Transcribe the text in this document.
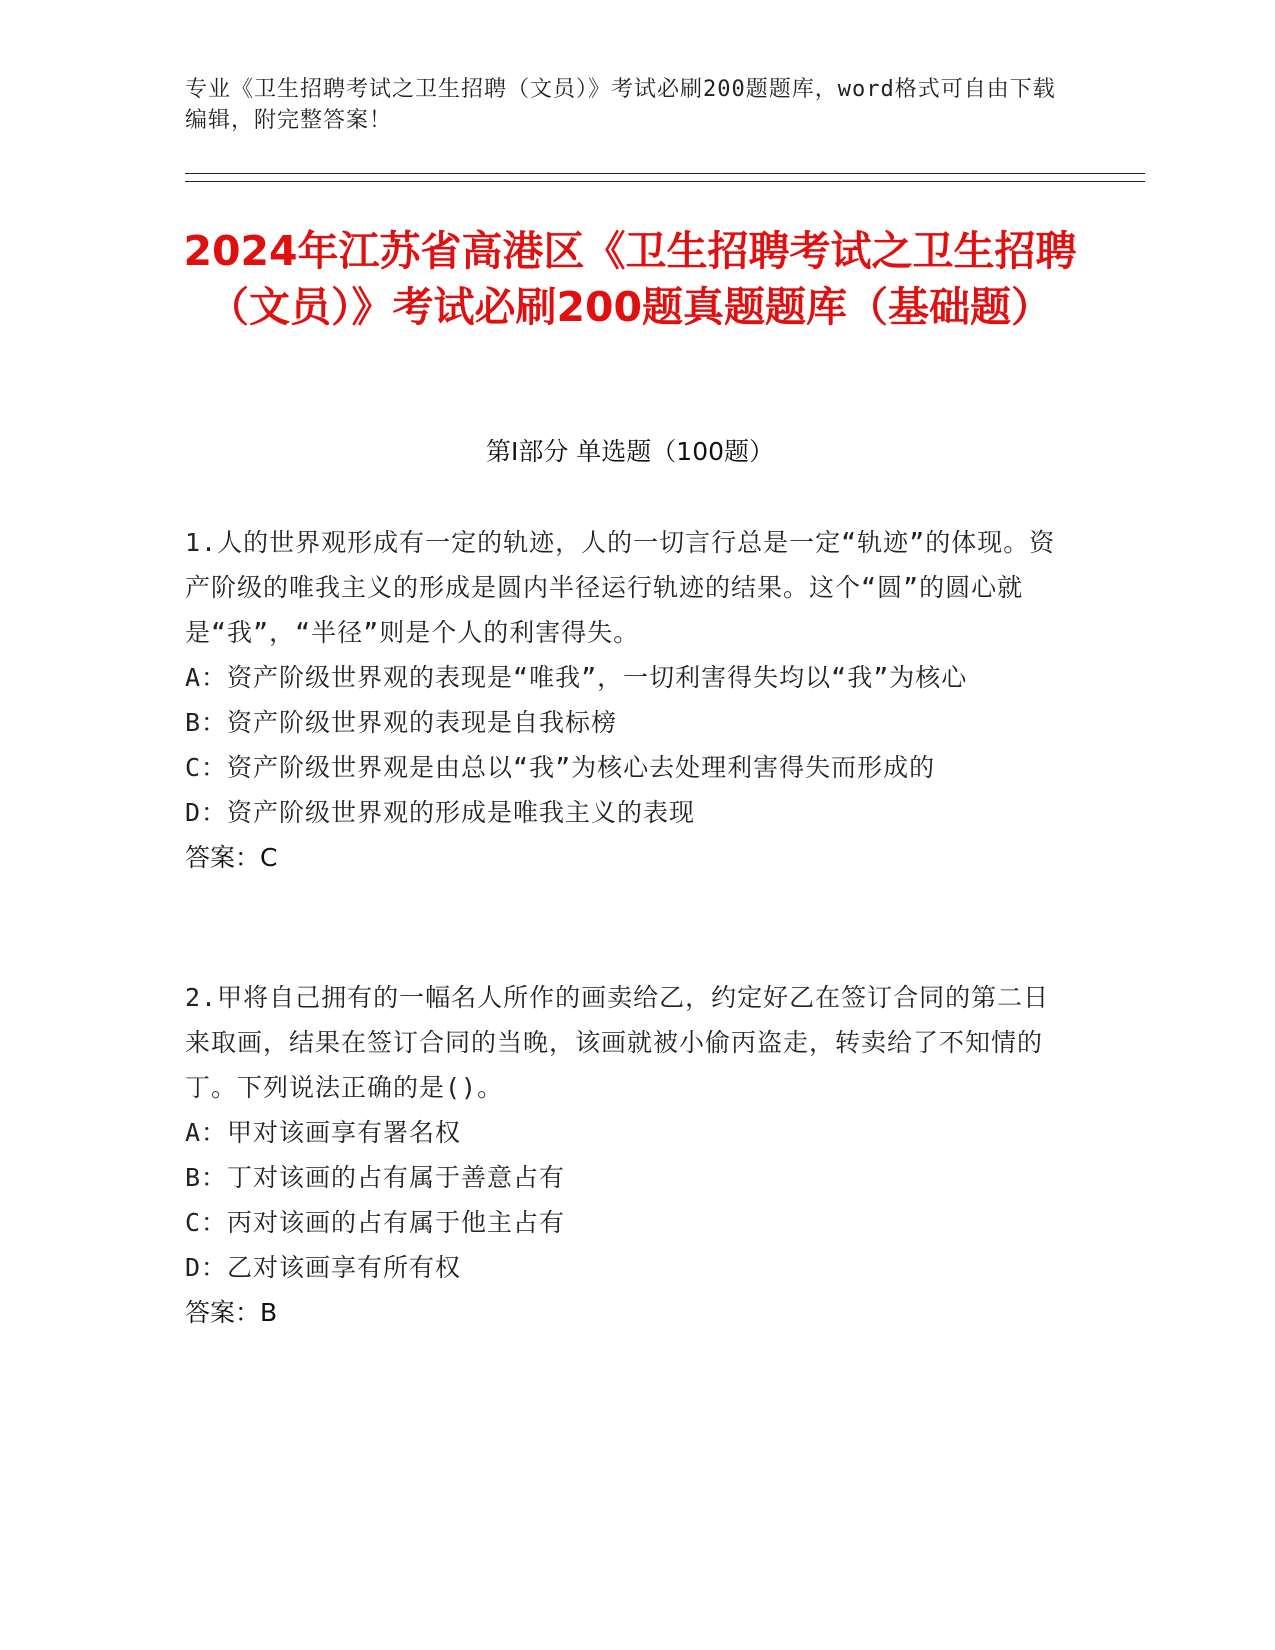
专业《卫生招聘考试之卫生招聘（文员）》考试必刷200题题库，word格式可自由下载编辑，附完整答案！
2024年江苏省高港区《卫生招聘考试之卫生招聘（文员）》考试必刷200题真题题库（基础题）
第Ⅰ部分 单选题（100题）

1.人的世界观形成有一定的轨迹，人的一切言行总是一定“轨迹”的体现。资产阶级的唯我主义的形成是圆内半径运行轨迹的结果。这个“圆”的圆心就是“我”，“半径”则是个人的利害得失。

A：资产阶级世界观的表现是“唯我”，一切利害得失均以“我”为核心

B：资产阶级世界观的表现是自我标榜

C：资产阶级世界观是由总以“我”为核心去处理利害得失而形成的

D：资产阶级世界观的形成是唯我主义的表现

答案：C

2.甲将自己拥有的一幅名人所作的画卖给乙，约定好乙在签订合同的第二日来取画，结果在签订合同的当晚，该画就被小偷丙盗走，转卖给了不知情的丁。下列说法正确的是()。

A：甲对该画享有署名权

B：丁对该画的占有属于善意占有

C：丙对该画的占有属于他主占有

D：乙对该画享有所有权

答案：B
